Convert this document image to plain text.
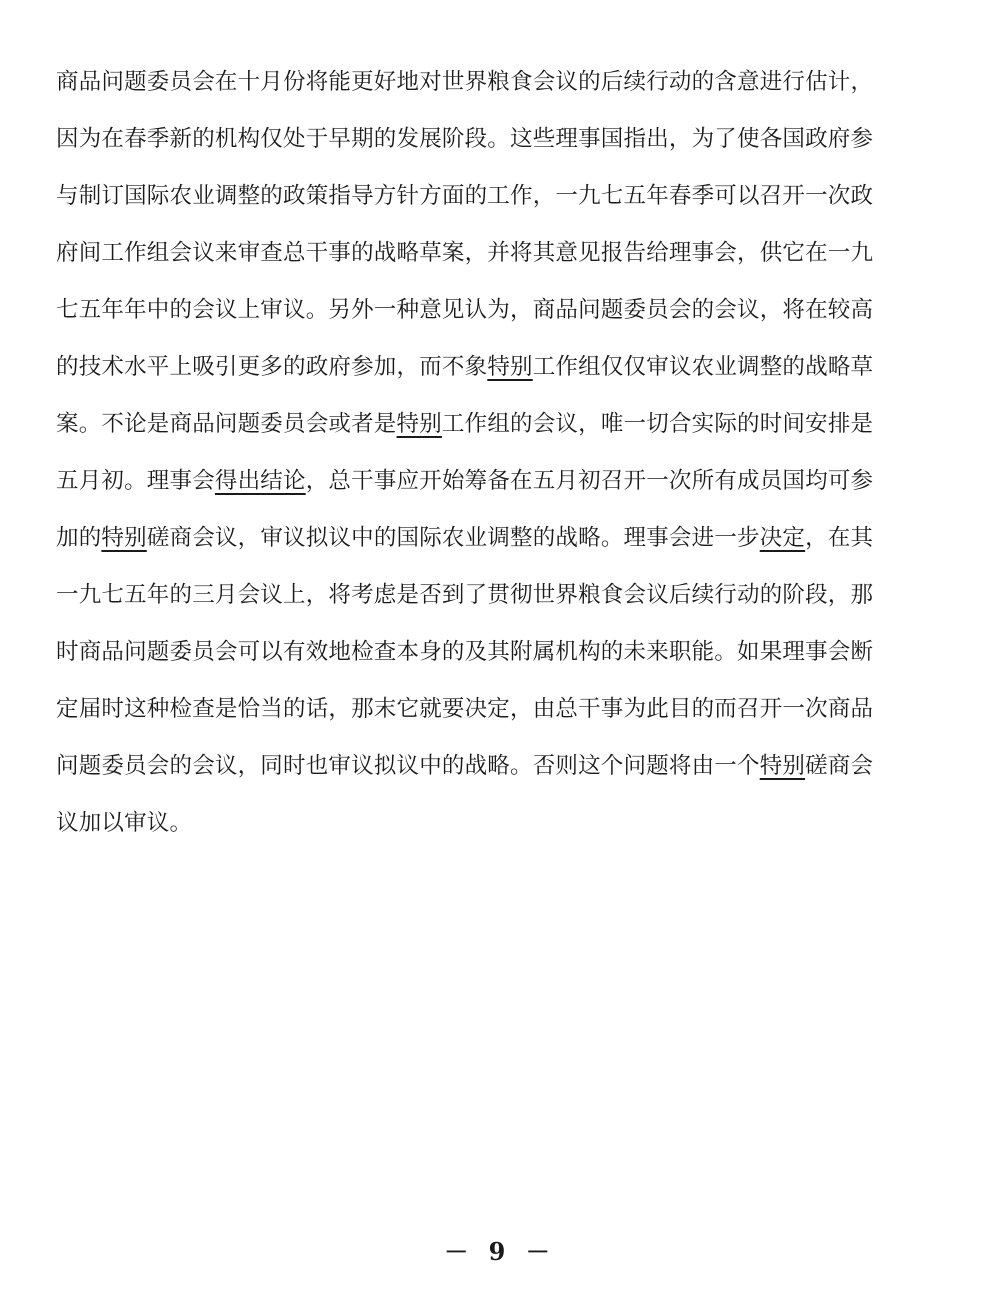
商品问题委员会在十月份将能更好地对世界粮食会议的后续行动的含意进行估计，
因为在春季新的机构仅处于早期的发展阶段。这些理事国指出，为了使各国政府参
与制订国际农业调整的政策指导方针方面的工作，一九七五年春季可以召开一次政
府间工作组会议来审查总干事的战略草案，并将其意见报告给理事会，供它在一九
七五年年中的会议上审议。另外一种意见认为，商品问题委员会的会议，将在较高
的技术水平上吸引更多的政府参加，而不象特别工作组仅仅审议农业调整的战略草
案。不论是商品问题委员会或者是特别工作组的会议，唯一切合实际的时间安排是
五月初。理事会得出结论，总干事应开始筹备在五月初召开一次所有成员国均可参
加的特别磋商会议，审议拟议中的国际农业调整的战略。理事会进一步决定，在其
一九七五年的三月会议上，将考虑是否到了贯彻世界粮食会议后续行动的阶段，那
时商品问题委员会可以有效地检查本身的及其附属机构的未来职能。如果理事会断
定届时这种检查是恰当的话，那末它就要决定，由总干事为此目的而召开一次商品
问题委员会的会议，同时也审议拟议中的战略。否则这个问题将由一个特别磋商会
议加以审议。
－ 9 －
